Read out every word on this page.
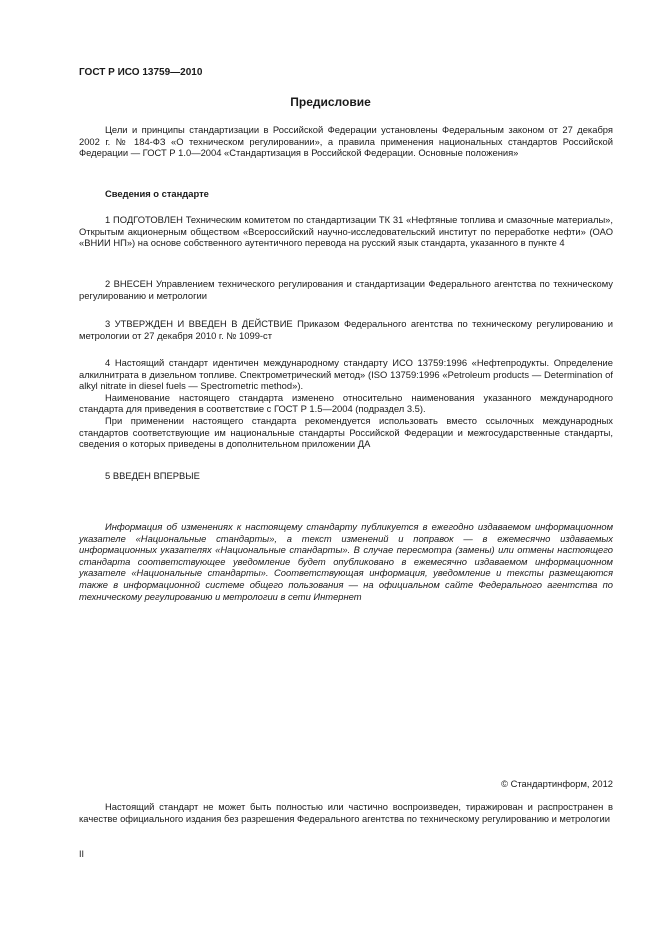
ГОСТ Р ИСО 13759—2010
Предисловие

Цели и принципы стандартизации в Российской Федерации установлены Федеральным законом от 27 декабря 2002 г. № 184-ФЗ «О техническом регулировании», а правила применения национальных стандартов Российской Федерации — ГОСТ Р 1.0—2004 «Стандартизация в Российской Федерации. Основные положения»

Сведения о стандарте

1 ПОДГОТОВЛЕН Техническим комитетом по стандартизации ТК 31 «Нефтяные топлива и смазочные материалы», Открытым акционерным обществом «Всероссийский научно-исследовательский институт по переработке нефти» (ОАО «ВНИИ НП») на основе собственного аутентичного перевода на русский язык стандарта, указанного в пункте 4

2 ВНЕСЕН Управлением технического регулирования и стандартизации Федерального агентства по техническому регулированию и метрологии

3 УТВЕРЖДЕН И ВВЕДЕН В ДЕЙСТВИЕ Приказом Федерального агентства по техническому регулированию и метрологии от 27 декабря 2010 г. № 1099-ст

4 Настоящий стандарт идентичен международному стандарту ИСО 13759:1996 «Нефтепродукты. Определение алкилнитрата в дизельном топливе. Спектрометрический метод» (ISO 13759:1996 «Petroleum products — Determination of alkyl nitrate in diesel fuels — Spectrometric method»).

Наименование настоящего стандарта изменено относительно наименования указанного международного стандарта для приведения в соответствие с ГОСТ Р 1.5—2004 (подраздел 3.5).

При применении настоящего стандарта рекомендуется использовать вместо ссылочных международных стандартов соответствующие им национальные стандарты Российской Федерации и межгосударственные стандарты, сведения о которых приведены в дополнительном приложении ДА

5 ВВЕДЕН ВПЕРВЫЕ

Информация об изменениях к настоящему стандарту публикуется в ежегодно издаваемом информационном указателе «Национальные стандарты», а текст изменений и поправок — в ежемесячно издаваемых информационных указателях «Национальные стандарты». В случае пересмотра (замены) или отмены настоящего стандарта соответствующее уведомление будет опубликовано в ежемесячно издаваемом информационном указателе «Национальные стандарты». Соответствующая информация, уведомление и тексты размещаются также в информационной системе общего пользования — на официальном сайте Федерального агентства по техническому регулированию и метрологии в сети Интернет

© Стандартинформ, 2012

Настоящий стандарт не может быть полностью или частично воспроизведен, тиражирован и распространен в качестве официального издания без разрешения Федерального агентства по техническому регулированию и метрологии

II
